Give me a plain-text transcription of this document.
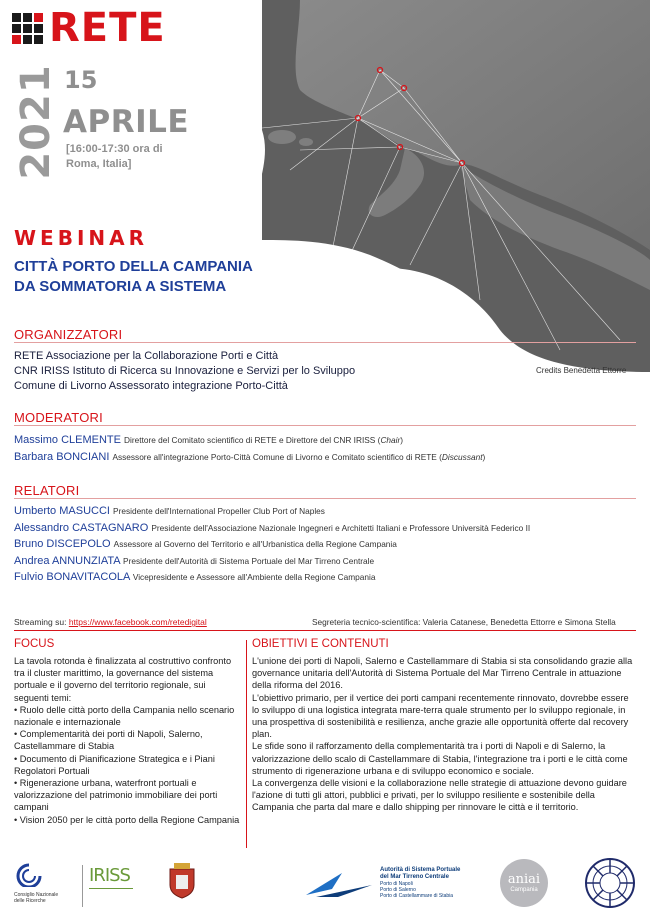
RETE
2021 15
APRILE
[16:00-17:30 ora di Roma, Italia]
WEBINAR
CITTÀ PORTO DELLA CAMPANIA
DA SOMMATORIA A SISTEMA
Credits Benedetta Ettorre
ORGANIZZATORI
RETE Associazione per la Collaborazione Porti e Città
CNR IRISS Istituto di Ricerca su Innovazione e Servizi per lo Sviluppo
Comune di Livorno Assessorato integrazione Porto-Città
MODERATORI
Massimo CLEMENTE Direttore del Comitato scientifico di RETE e Direttore del CNR IRISS (Chair)
Barbara BONCIANI Assessore all'integrazione Porto-Città Comune di Livorno e Comitato scientifico di RETE (Discussant)
RELATORI
Umberto MASUCCI Presidente dell'International Propeller Club Port of Naples
Alessandro CASTAGNARO Presidente dell'Associazione Nazionale Ingegneri e Architetti Italiani e Professore Università Federico II
Bruno DISCEPOLO Assessore al Governo del Territorio e all'Urbanistica della Regione Campania
Andrea ANNUNZIATA Presidente dell'Autorità di Sistema Portuale del Mar Tirreno Centrale
Fulvio BONAVITACOLA Vicepresidente e Assessore all'Ambiente della Regione Campania
Streaming su: https://www.facebook.com/retedigital	Segreteria tecnico-scientifica: Valeria Catanese, Benedetta Ettorre e Simona Stella
FOCUS

La tavola rotonda è finalizzata al costruttivo confronto tra il cluster marittimo, la governance del sistema portuale e il governo del territorio regionale, sui seguenti temi:

• Ruolo delle città porto della Campania nello scenario nazionale e internazionale

• Complementarità dei porti di Napoli, Salerno, Castellammare di Stabia

• Documento di Pianificazione Strategica e i Piani Regolatori Portuali

• Rigenerazione urbana, waterfront portuali e valorizzazione del patrimonio immobiliare dei porti campani

• Vision 2050 per le città porto della Regione Campania

OBIETTIVI E CONTENUTI

L'unione dei porti di Napoli, Salerno e Castellammare di Stabia si sta consolidando grazie alla governance unitaria dell'Autorità di Sistema Portuale del Mar Tirreno Centrale in attuazione della riforma del 2016.

L'obiettivo primario, per il vertice dei porti campani recentemente rinnovato, dovrebbe essere lo sviluppo di una logistica integrata mare-terra quale strumento per lo sviluppo regionale, in una prospettiva di sostenibilità e resilienza, anche grazie alle opportunità offerte dal recovery plan.

Le sfide sono il rafforzamento della complementarità tra i porti di Napoli e di Salerno, la valorizzazione dello scalo di Castellammare di Stabia, l'integrazione tra i porti e le città come strumento di rigenerazione urbana e di sviluppo economico e sociale.

La convergenza delle visioni e la collaborazione nelle strategie di attuazione devono guidare l'azione di tutti gli attori, pubblici e privati, per lo sviluppo resiliente e sostenibile della Campania che parta dal mare e dallo shipping per rinnovare le città e il territorio.

Consiglio Nazionale delle Ricerche
IRISS	Autorità di Sistema Portuale del Mar Tirreno Centrale
Porto di Napoli
Porto di Salerno
Porto di Castellammare di Stabia
aniai
Campania
